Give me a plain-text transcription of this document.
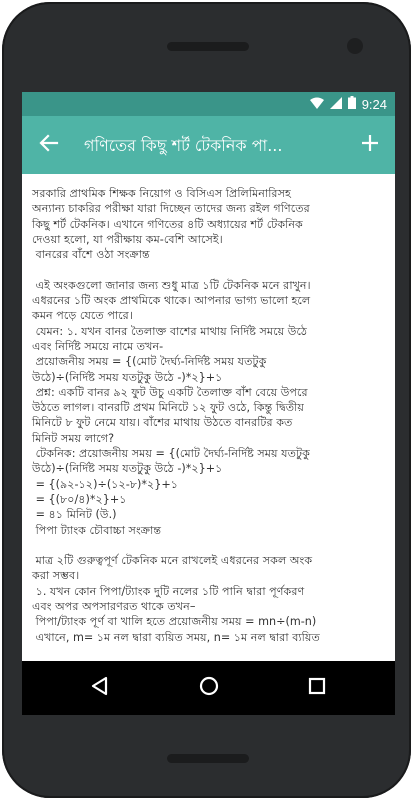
9:24
গণিতের কিছু শর্ট টেকনিক পা...
সরকারি প্রাথমিক শিক্ষক নিয়োগ ও বিসিএস প্রিলিমিনারিসহ
অন্যান্য চাকরির পরীক্ষা যারা দিচ্ছেন তাদের জন্য রইল গণিতের
কিছু শর্ট টেকনিক। এখানে গণিতের ৪টি অধ্যায়ের শর্ট টেকনিক
দেওয়া হলো, যা পরীক্ষায় কম-বেশি আসেই।
বানরের বাঁশে ওঠা সংক্রান্ত

এই অংকগুলো জানার জন্য শুধু মাত্র ১টি টেকনিক মনে রাখুন।
এধরনের ১টি অংক প্রাথমিকে থাকে। আপনার ভাগ্য ভালো হলে
কমন পড়ে যেতে পারে।
যেমন: ১. যখন বানর তৈলাক্ত বাশের মাথায় নির্দিষ্ট সময়ে উঠে
এবং নির্দিষ্ট সময়ে নামে তখন-
প্রয়োজনীয় সময় = {(মোট দৈর্ঘ্য-নির্দিষ্ট সময় যতটুকু
উঠে)÷(নির্দিষ্ট সময় যতটুকু উঠে -)*২}+১
প্রশ্ন: একটি বানর ৯২ ফুট উচু একটি তৈলাক্ত বাঁশ বেয়ে উপরে
উঠতে লাগল। বানরটি প্রথম মিনিটে ১২ ফুট ওঠে, কিন্তু দ্বিতীয়
মিনিটে ৮ ফুট নেমে যায়। বাঁশের মাথায় উঠতে বানরটির কত
মিনিট সময় লাগে?
টেকনিক: প্রয়োজনীয় সময় = {(মোট দৈর্ঘ্য-নির্দিষ্ট সময় যতটুকু
উঠে)÷(নির্দিষ্ট সময় যতটুকু উঠে -)*২}+১
= {(৯২-১২)÷(১২-৮)*২}+১
= {(৮০/৪)*২}+১
= ৪১ মিনিট (উ.)
পিপা ট্যাংক চৌবাচ্চা সংক্রান্ত

মাত্র ২টি গুরুত্বপূর্ণ টেকনিক মনে রাখলেই এধরনের সকল অংক
করা সম্ভব।
১. যখন কোন পিপা/ট্যাংক দুটি নলের ১টি পানি দ্বারা পূর্ণকরণ
এবং অপর অপসারণরত থাকে তখন–
পিপা/ট্যাংক পূর্ণ বা খালি হতে প্রয়োজনীয় সময় = mn÷(m-n)
এখানে, m= ১ম নল দ্বারা ব্যয়িত সময়, n= ১ম নল দ্বারা ব্যয়িত
